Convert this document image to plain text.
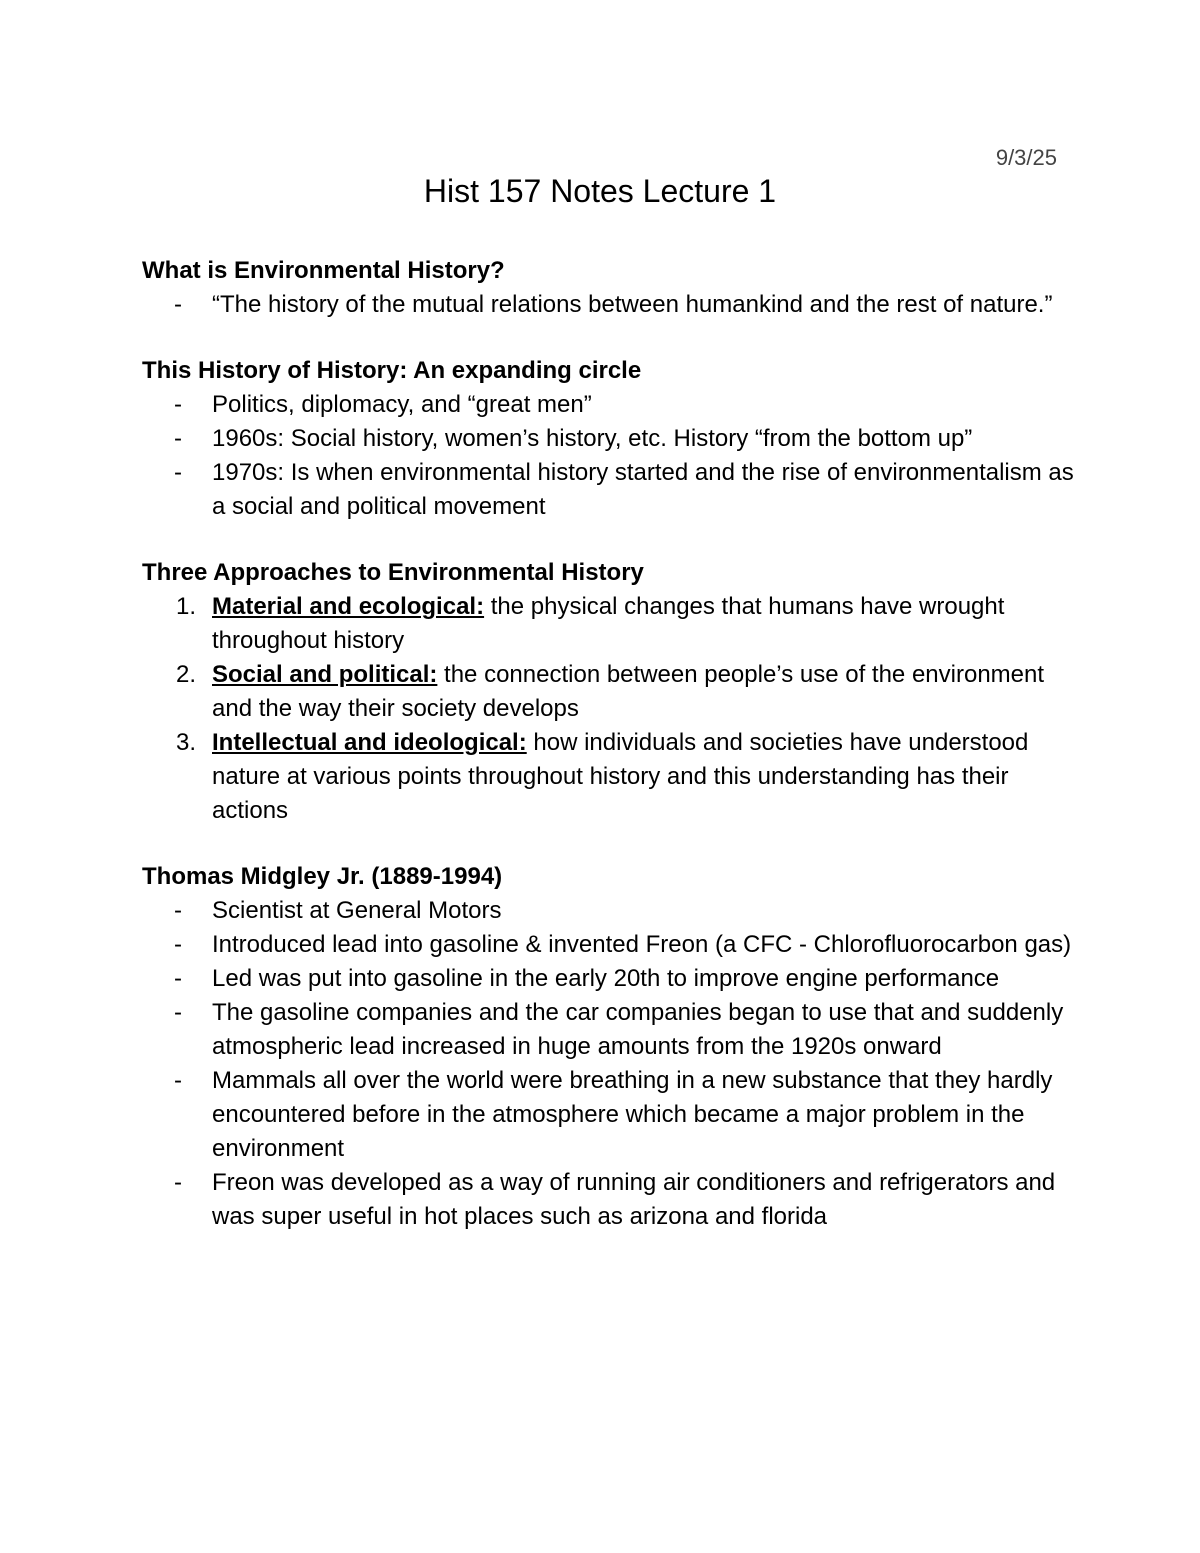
9/3/25
Hist 157 Notes Lecture 1
What is Environmental History?
- “The history of the mutual relations between humankind and the rest of nature.”
This History of History: An expanding circle
- Politics, diplomacy, and “great men”
- 1960s: Social history, women’s history, etc. History “from the bottom up”
- 1970s: Is when environmental history started and the rise of environmentalism as a social and political movement
Three Approaches to Environmental History
1. Material and ecological: the physical changes that humans have wrought throughout history
2. Social and political: the connection between people’s use of the environment and the way their society develops
3. Intellectual and ideological: how individuals and societies have understood nature at various points throughout history and this understanding has their actions
Thomas Midgley Jr. (1889-1994)
- Scientist at General Motors
- Introduced lead into gasoline & invented Freon (a CFC - Chlorofluorocarbon gas)
- Led was put into gasoline in the early 20th to improve engine performance
- The gasoline companies and the car companies began to use that and suddenly atmospheric lead increased in huge amounts from the 1920s onward
- Mammals all over the world were breathing in a new substance that they hardly encountered before in the atmosphere which became a major problem in the environment
- Freon was developed as a way of running air conditioners and refrigerators and was super useful in hot places such as arizona and florida
